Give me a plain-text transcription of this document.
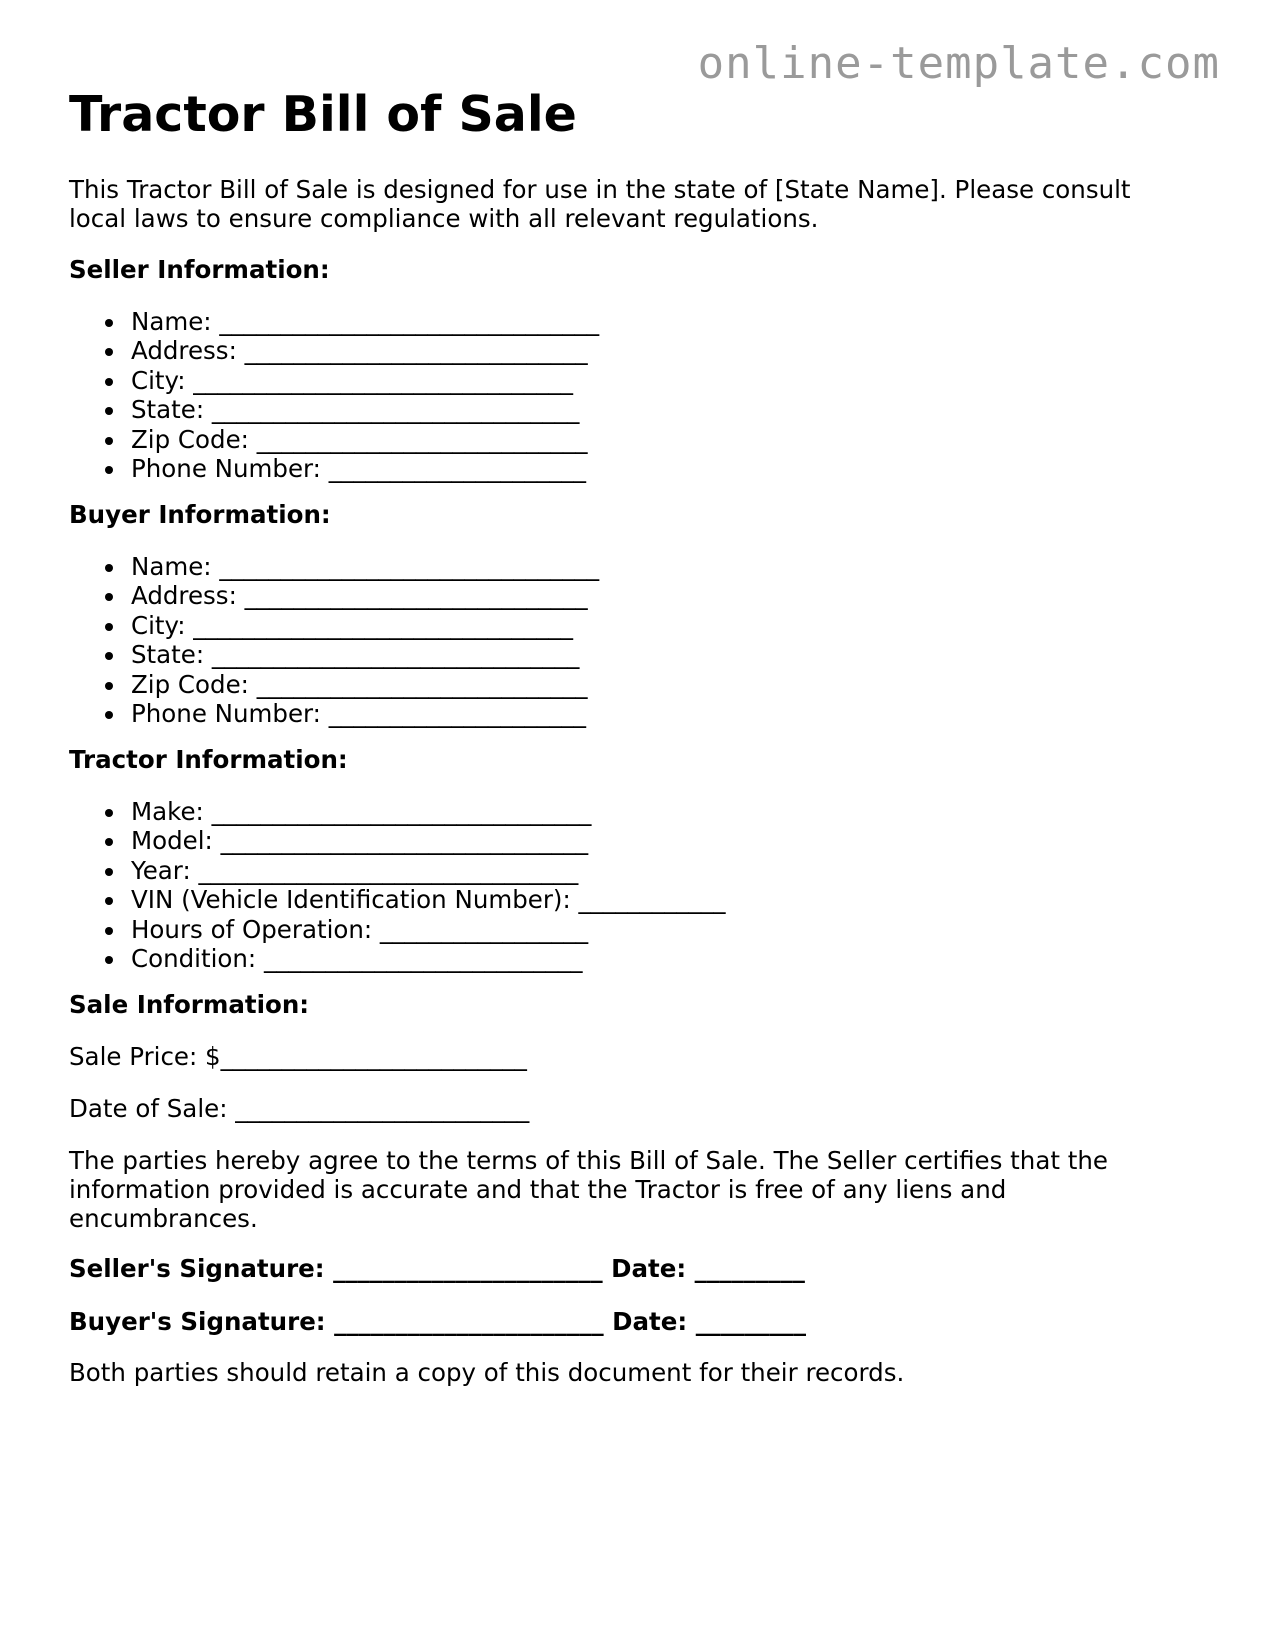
online-template.com
Tractor Bill of Sale

This Tractor Bill of Sale is designed for use in the state of [State Name]. Please consult
local laws to ensure compliance with all relevant regulations.

Seller Information:
Name: _______________________________
Address: ____________________________
City: _______________________________
State: ______________________________
Zip Code: ___________________________
Phone Number: _____________________
Buyer Information:
Name: _______________________________
Address: ____________________________
City: _______________________________
State: ______________________________
Zip Code: ___________________________
Phone Number: _____________________
Tractor Information:
Make: _______________________________
Model: ______________________________
Year: _______________________________
VIN (Vehicle Identification Number): ____________
Hours of Operation: _________________
Condition: __________________________
Sale Information:

Sale Price: $_________________________

Date of Sale: ________________________

The parties hereby agree to the terms of this Bill of Sale. The Seller certifies that the
information provided is accurate and that the Tractor is free of any liens and
encumbrances.

Seller's Signature: ______________________ Date: _________

Buyer's Signature: ______________________ Date: _________

Both parties should retain a copy of this document for their records.
